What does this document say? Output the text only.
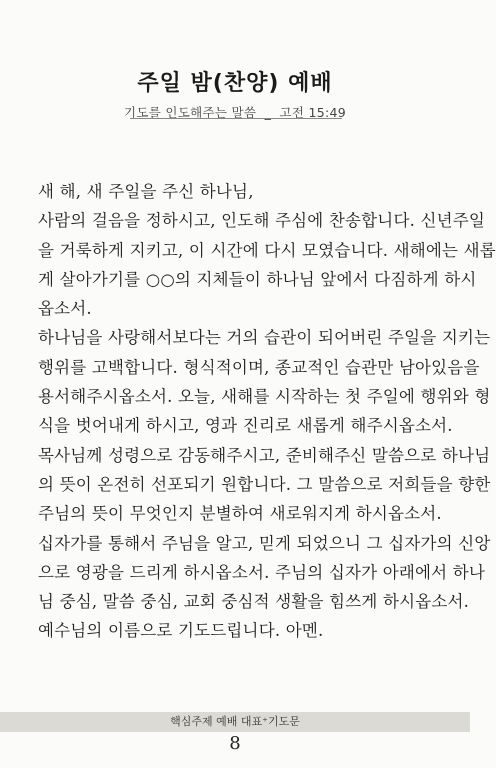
주일 밤(찬양) 예배
기도를 인도해주는 말씀 _ 고전 15:49
새 해, 새 주일을 주신 하나님,
사람의 걸음을 정하시고, 인도해 주심에 찬송합니다. 신년주일
을 거룩하게 지키고, 이 시간에 다시 모였습니다. 새해에는 새롭
게 살아가기를 ○○의 지체들이 하나님 앞에서 다짐하게 하시
옵소서.
하나님을 사랑해서보다는 거의 습관이 되어버린 주일을 지키는
행위를 고백합니다. 형식적이며, 종교적인 습관만 남아있음을
용서해주시옵소서. 오늘, 새해를 시작하는 첫 주일에 행위와 형
식을 벗어내게 하시고, 영과 진리로 새롭게 해주시옵소서.
목사님께 성령으로 감동해주시고, 준비해주신 말씀으로 하나님
의 뜻이 온전히 선포되기 원합니다. 그 말씀으로 저희들을 향한
주님의 뜻이 무엇인지 분별하여 새로워지게 하시옵소서.
십자가를 통해서 주님을 알고, 믿게 되었으니 그 십자가의 신앙
으로 영광을 드리게 하시옵소서. 주님의 십자가 아래에서 하나
님 중심, 말씀 중심, 교회 중심적 생활을 힘쓰게 하시옵소서.
예수님의 이름으로 기도드립니다. 아멘.
핵심주제 예배 대표⁺기도문
8
